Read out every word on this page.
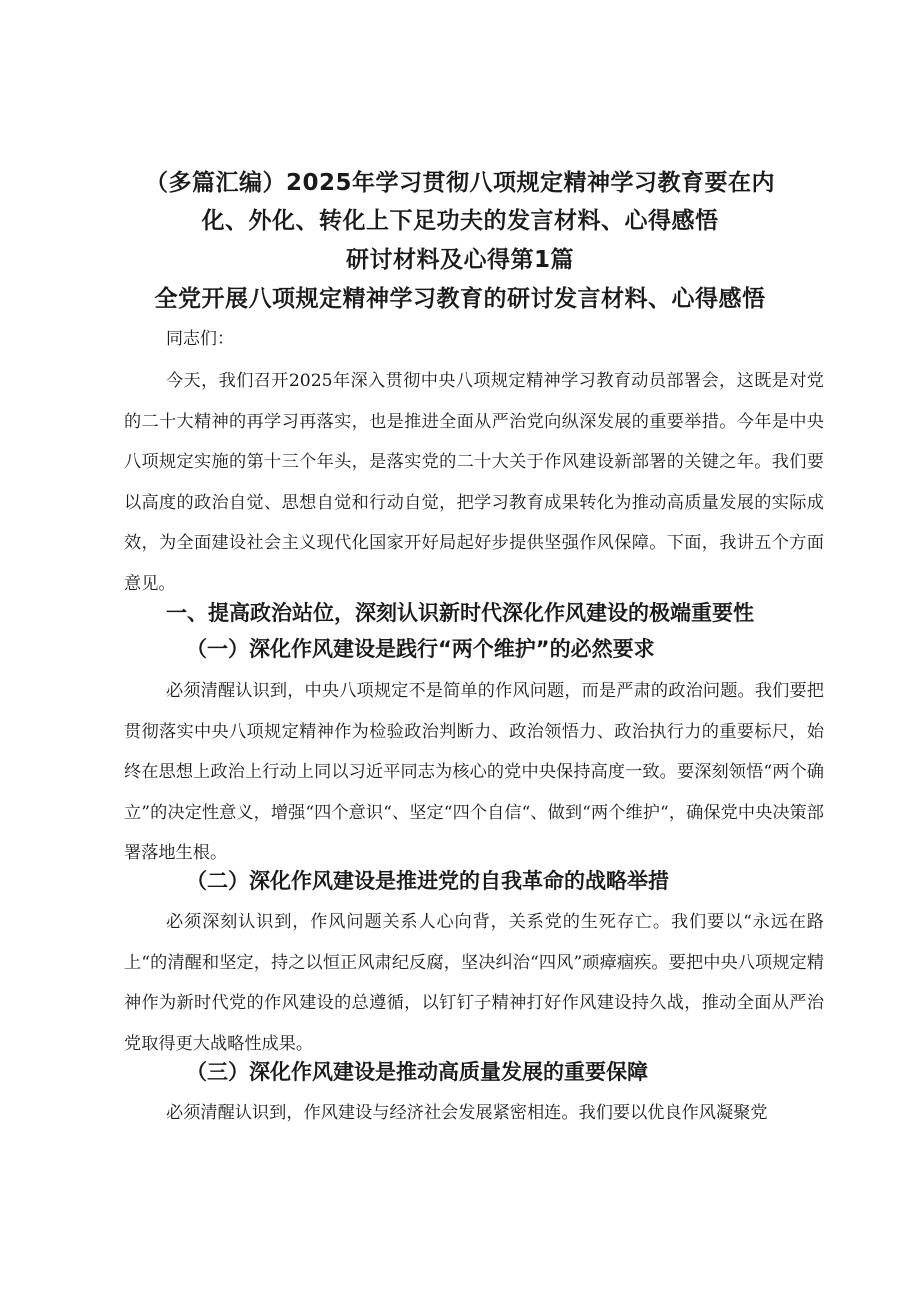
（多篇汇编）2025年学习贯彻八项规定精神学习教育要在内
化、外化、转化上下足功夫的发言材料、心得感悟
研讨材料及心得第1篇
全党开展八项规定精神学习教育的研讨发言材料、心得感悟
同志们：
今天，我们召开2025年深入贯彻中央八项规定精神学习教育动员部署会，这既是对党的二十大精神的再学习再落实，也是推进全面从严治党向纵深发展的重要举措。今年是中央八项规定实施的第十三个年头，是落实党的二十大关于作风建设新部署的关键之年。我们要以高度的政治自觉、思想自觉和行动自觉，把学习教育成果转化为推动高质量发展的实际成效，为全面建设社会主义现代化国家开好局起好步提供坚强作风保障。下面，我讲五个方面意见。
一、提高政治站位，深刻认识新时代深化作风建设的极端重要性
（一）深化作风建设是践行“两个维护”的必然要求
必须清醒认识到，中央八项规定不是简单的作风问题，而是严肃的政治问题。我们要把贯彻落实中央八项规定精神作为检验政治判断力、政治领悟力、政治执行力的重要标尺，始终在思想上政治上行动上同以习近平同志为核心的党中央保持高度一致。要深刻领悟“两个确立”的决定性意义，增强“四个意识“、坚定“四个自信“、做到“两个维护“，确保党中央决策部署落地生根。
（二）深化作风建设是推进党的自我革命的战略举措
必须深刻认识到，作风问题关系人心向背，关系党的生死存亡。我们要以“永远在路上“的清醒和坚定，持之以恒正风肃纪反腐，坚决纠治“四风”顽瘴痼疾。要把中央八项规定精神作为新时代党的作风建设的总遵循，以钉钉子精神打好作风建设持久战，推动全面从严治党取得更大战略性成果。
（三）深化作风建设是推动高质量发展的重要保障
必须清醒认识到，作风建设与经济社会发展紧密相连。我们要以优良作风凝聚党
